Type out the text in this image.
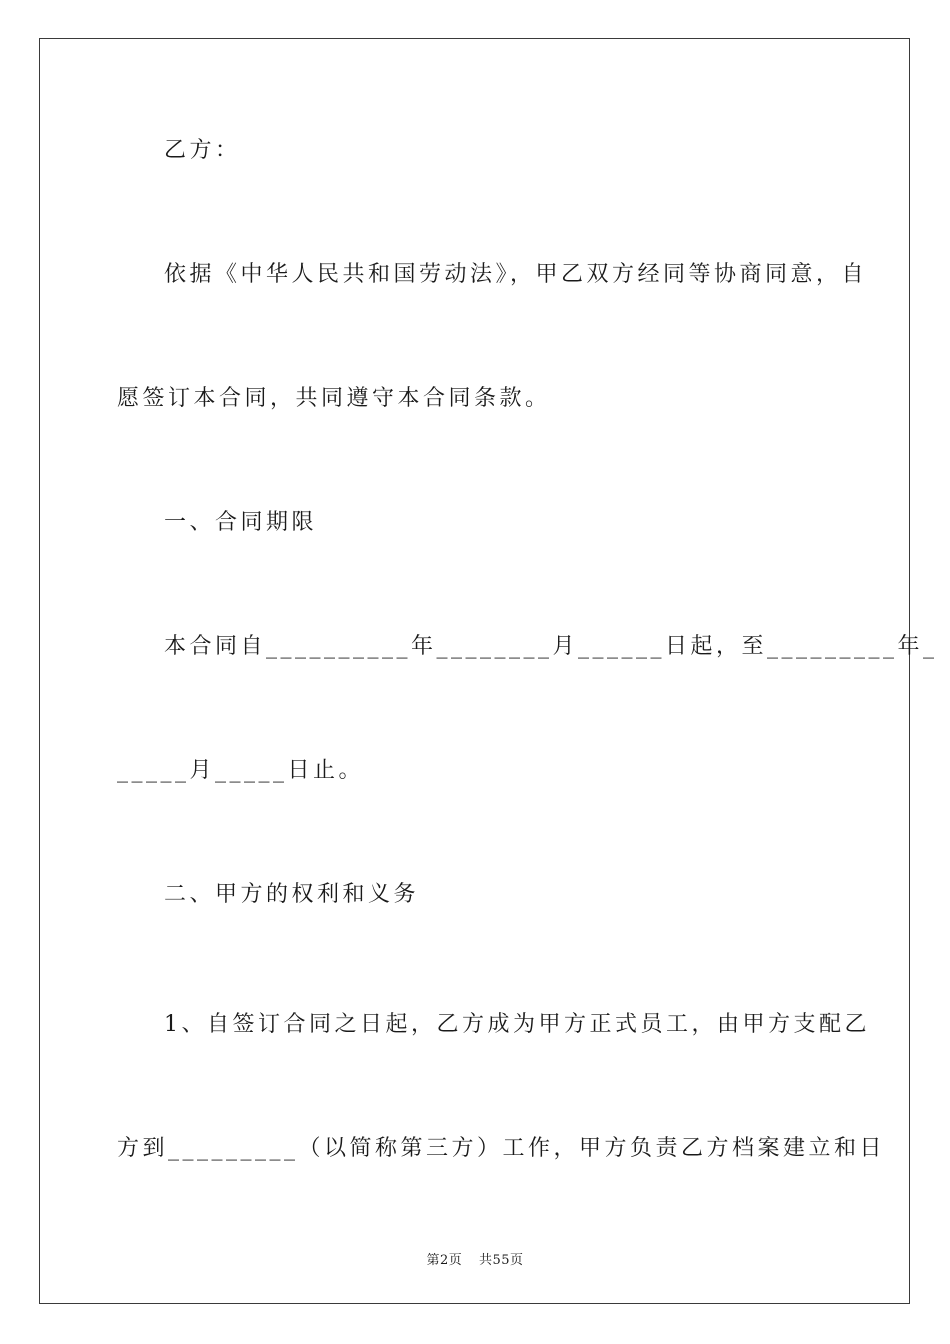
乙方：
依据《中华人民共和国劳动法》，甲乙双方经同等协商同意，自
愿签订本合同，共同遵守本合同条款。
一、合同期限
本合同自__________年________月______日起，至_________年_
_____月_____日止。
二、甲方的权利和义务
1、自签订合同之日起，乙方成为甲方正式员工，由甲方支配乙
方到_________（以简称第三方）工作，甲方负责乙方档案建立和日
第2页 共55页
